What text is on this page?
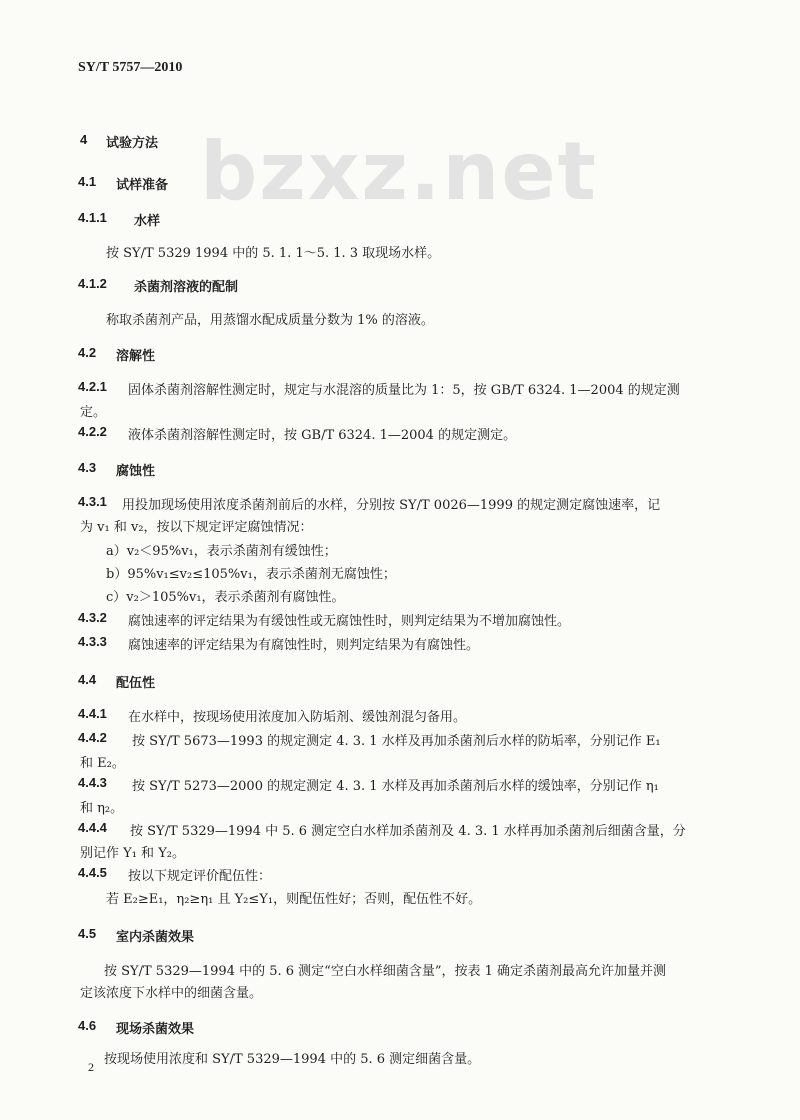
SY/T 5757—2010
bzxz.net
4 试验方法
4.1 试样准备
4.1.1 水样
按 SY/T 5329 1994 中的 5. 1. 1～5. 1. 3 取现场水样。
4.1.2 杀菌剂溶液的配制
称取杀菌剂产品，用蒸馏水配成质量分数为 1% 的溶液。
4.2 溶解性
4.2.1 固体杀菌剂溶解性测定时，规定与水混溶的质量比为 1：5，按 GB/T 6324. 1—2004 的规定测
定。
4.2.2 液体杀菌剂溶解性测定时，按 GB/T 6324. 1—2004 的规定测定。
4.3 腐蚀性
4.3.1 用投加现场使用浓度杀菌剂前后的水样，分别按 SY/T 0026—1999 的规定测定腐蚀速率，记
为 v₁ 和 v₂，按以下规定评定腐蚀情况：
a）v₂＜95%v₁，表示杀菌剂有缓蚀性；
b）95%v₁≤v₂≤105%v₁，表示杀菌剂无腐蚀性；
c）v₂＞105%v₁，表示杀菌剂有腐蚀性。
4.3.2 腐蚀速率的评定结果为有缓蚀性或无腐蚀性时，则判定结果为不增加腐蚀性。
4.3.3 腐蚀速率的评定结果为有腐蚀性时，则判定结果为有腐蚀性。
4.4 配伍性
4.4.1 在水样中，按现场使用浓度加入防垢剂、缓蚀剂混匀备用。
4.4.2 按 SY/T 5673—1993 的规定测定 4. 3. 1 水样及再加杀菌剂后水样的防垢率，分别记作 E₁
和 E₂。
4.4.3 按 SY/T 5273—2000 的规定测定 4. 3. 1 水样及再加杀菌剂后水样的缓蚀率，分别记作 η₁
和 η₂。
4.4.4 按 SY/T 5329—1994 中 5. 6 测定空白水样加杀菌剂及 4. 3. 1 水样再加杀菌剂后细菌含量，分
别记作 Y₁ 和 Y₂。
4.4.5 按以下规定评价配伍性：
若 E₂≥E₁，η₂≥η₁ 且 Y₂≤Y₁，则配伍性好；否则，配伍性不好。
4.5 室内杀菌效果
按 SY/T 5329—1994 中的 5. 6 测定“空白水样细菌含量”，按表 1 确定杀菌剂最高允许加量并测
定该浓度下水样中的细菌含量。
4.6 现场杀菌效果
按现场使用浓度和 SY/T 5329—1994 中的 5. 6 测定细菌含量。
2
